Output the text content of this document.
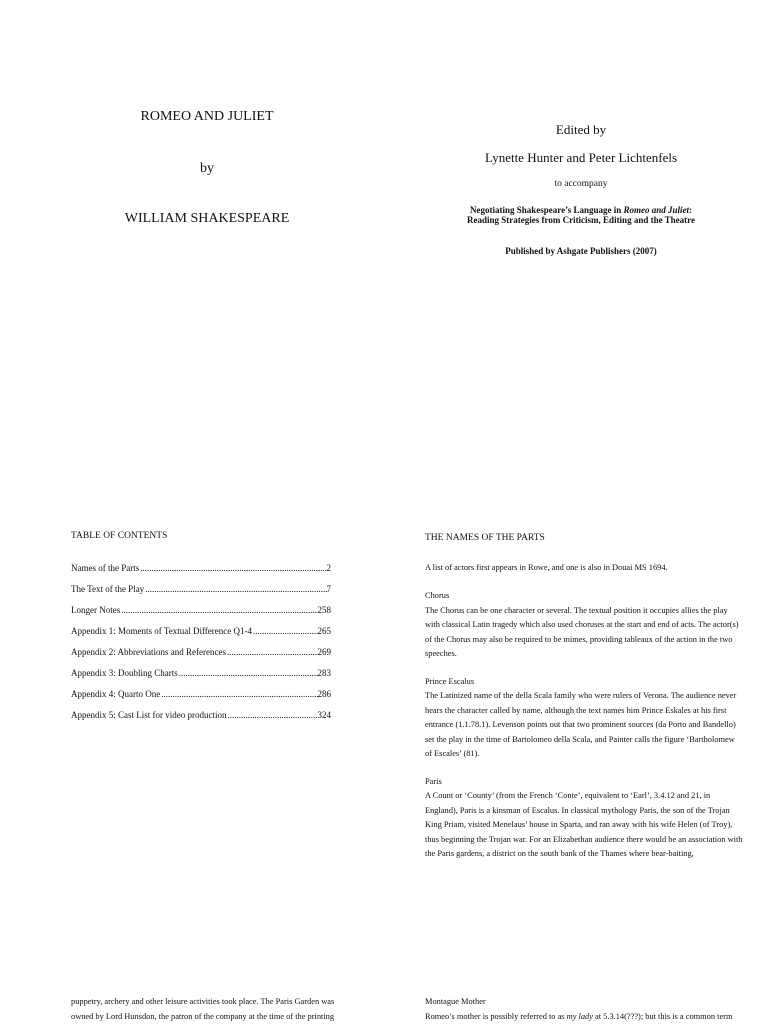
ROMEO AND JULIET
by
WILLIAM SHAKESPEARE
Edited by
Lynette Hunter and Peter Lichtenfels
to accompany
Negotiating Shakespeare’s Language in Romeo and Juliet:
Reading Strategies from Criticism, Editing and the Theatre
Published by Ashgate Publishers (2007)
TABLE OF CONTENTS
Names of the Parts .....	2
The Text of the Play .....	7
Longer Notes .....	258
Appendix 1: Moments of Textual Difference Q1-4 .....	265
Appendix 2: Abbreviations and References .....	269
Appendix 3: Doubling Charts .....	283
Appendix 4: Quarto One .....	286
Appendix 5: Cast List for video production .....	324

THE NAMES OF THE PARTS

A list of actors first appears in Rowe, and one is also in Douai MS 1694.

Chorus

The Chorus can be one character or several. The textual position it occupies allies the play with classical Latin tragedy which also used choruses at the start and end of acts. The actor(s) of the Chorus may also be required to be mimes, providing tableaux of the action in the two speeches.

Prince Escalus

The Latinized name of the della Scala family who were rulers of Verona. The audience never hears the character called by name, although the text names him Prince Eskales at his first entrance (1.1.78.1). Levenson points out that two prominent sources (da Porto and Bandello) set the play in the time of Bartolomeo della Scala, and Painter calls the figure ‘Bartholomew of Escales’ (81).

Paris

A Count or ‘County’ (from the French ‘Conte’, equivalent to ‘Earl’, 3.4.12 and 21, in England), Paris is a kinsman of Escalus. In classical mythology Paris, the son of the Trojan King Priam, visited Menelaus’ house in Sparta, and ran away with his wife Helen (of Troy), thus beginning the Trojan war. For an Elizabethan audience there would be an association with the Paris gardens, a district on the south bank of the Thames where bear-baiting,

puppetry, archery and other leisure activities took place. The Paris Garden was
owned by Lord Hunsdon, the patron of the company at the time of the printing
Montague Mother
Romeo’s mother is possibly referred to as my lady at 5.3.14(???); but this is a common term
